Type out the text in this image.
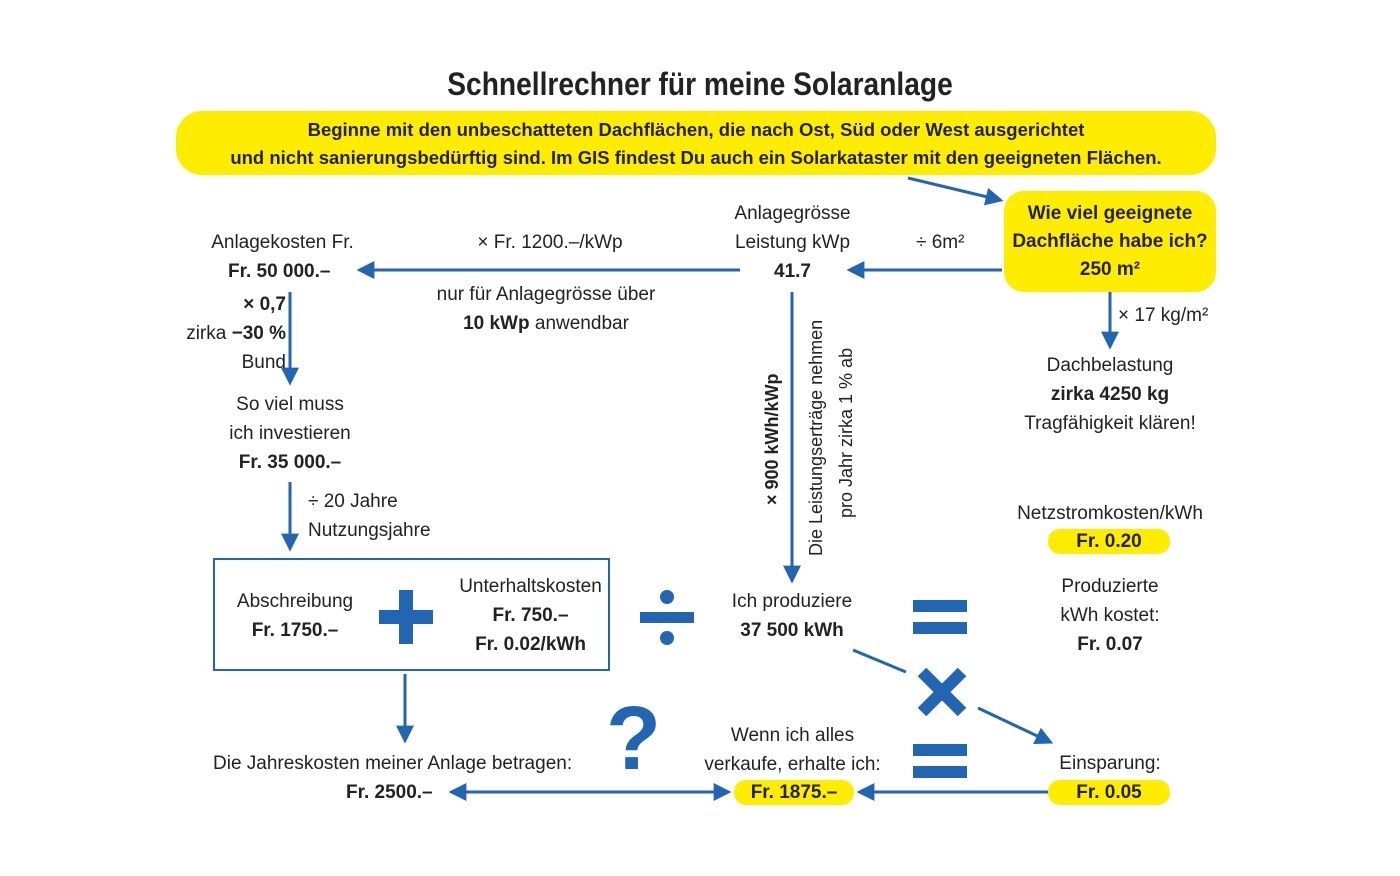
Schnellrechner für meine Solaranlage
Beginne mit den unbeschatteten Dachflächen, die nach Ost, Süd oder West ausgerichtet
und nicht sanierungsbedürftig sind. Im GIS findest Du auch ein Solarkataster mit den geeigneten Flächen.
Wie viel geeignete
Dachfläche habe ich?
250 m²
÷ 6m²
Anlagegrösse
Leistung kWp
41.7
× Fr. 1200.–/kWp
nur für Anlagegrösse über
10 kWp anwendbar
Anlagekosten Fr.
Fr. 50 000.–
× 0,7
zirka −30 %
Bund
So viel muss
ich investieren
Fr. 35 000.–
÷ 20 Jahre
Nutzungsjahre
× 17 kg/m²
Dachbelastung
zirka 4250 kg
Tragfähigkeit klären!
× 900 kWh/kWp Die Leistungserträge nehmen pro Jahr zirka 1 % ab	Netzstromkosten/kWh
Fr. 0.20
Abschreibung
Fr. 1750.–
Unterhaltskosten
Fr. 750.–
Fr. 0.02/kWh
Ich produziere
37 500 kWh
Produzierte
kWh kostet:
Fr. 0.07
?
Die Jahreskosten meiner Anlage betragen:
Fr. 2500.–
Wenn ich alles
verkaufe, erhalte ich:
Fr. 1875.–
Einsparung:
Fr. 0.05
